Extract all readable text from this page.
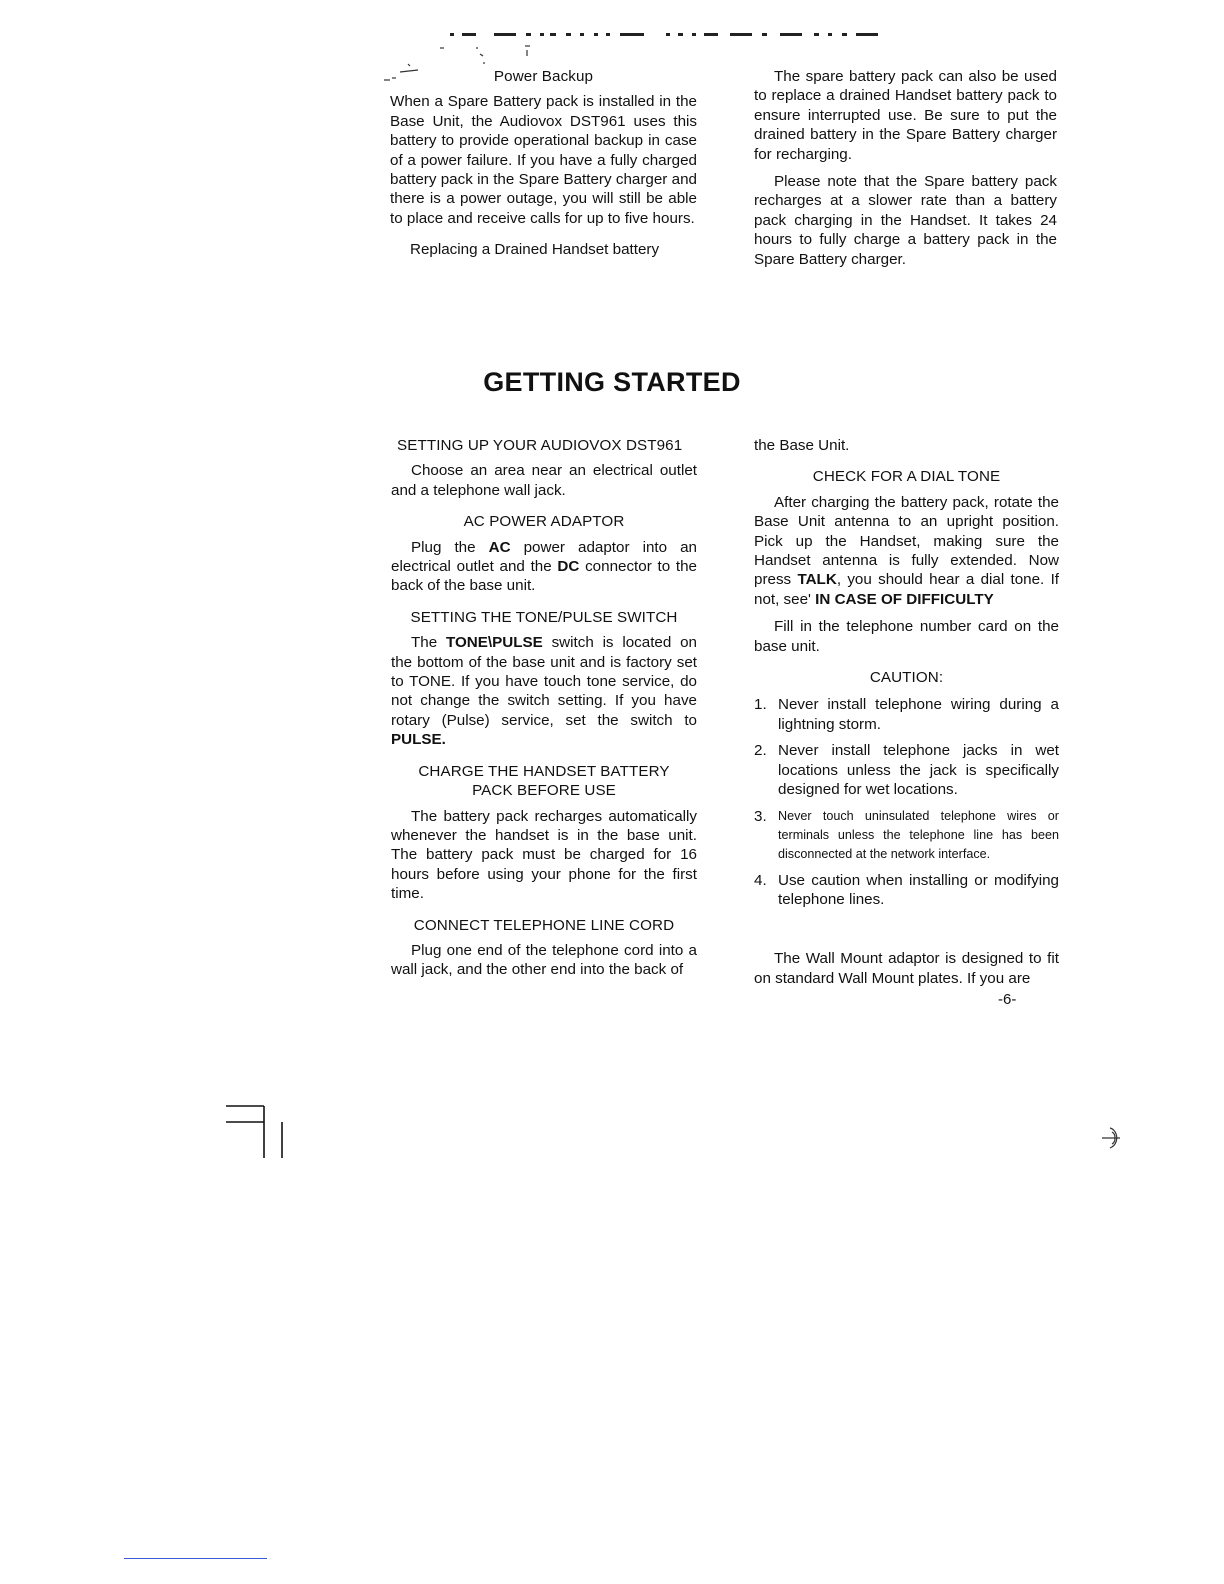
Power Backup

When a Spare Battery pack is installed in the Base Unit, the Audiovox DST961 uses this battery to provide operational backup in case of a power failure. If you have a fully charged battery pack in the Spare Battery charger and there is a power outage, you will still be able to place and receive calls for up to five hours.

Replacing a Drained Handset battery

The spare battery pack can also be used to replace a drained Handset battery pack to ensure interrupted use. Be sure to put the drained battery in the Spare Battery charger for recharging.

Please note that the Spare battery pack recharges at a slower rate than a battery pack charging in the Handset. It takes 24 hours to fully charge a battery pack in the Spare Battery charger.

GETTING STARTED
SETTING UP YOUR AUDIOVOX DST961

Choose an area near an electrical outlet and a telephone wall jack.

AC POWER ADAPTOR

Plug the AC power adaptor into an electrical outlet and the DC connector to the back of the base unit.

SETTING THE TONE/PULSE SWITCH

The TONE\PULSE switch is located on the bottom of the base unit and is factory set to TONE. If you have touch tone service, do not change the switch setting. If you have rotary (Pulse) service, set the switch to PULSE.

CHARGE THE HANDSET BATTERY
PACK BEFORE USE

The battery pack recharges automatically whenever the handset is in the base unit. The battery pack must be charged for 16 hours before using your phone for the first time.

CONNECT TELEPHONE LINE CORD

Plug one end of the telephone cord into a wall jack, and the other end into the back of

the Base Unit.

CHECK FOR A DIAL TONE

After charging the battery pack, rotate the Base Unit antenna to an upright position. Pick up the Handset, making sure the Handset antenna is fully extended. Now press TALK, you should hear a dial tone. If not, see' IN CASE OF DIFFICULTY

Fill in the telephone number card on the base unit.

CAUTION:
1. Never install telephone wiring during a lightning storm.
2. Never install telephone jacks in wet locations unless the jack is specifically designed for wet locations.
3. Never touch uninsulated telephone wires or terminals unless the telephone line has been disconnected at the network interface.
4. Use caution when installing or modifying telephone lines.

The Wall Mount adaptor is designed to fit on standard Wall Mount plates. If you are

-6-
